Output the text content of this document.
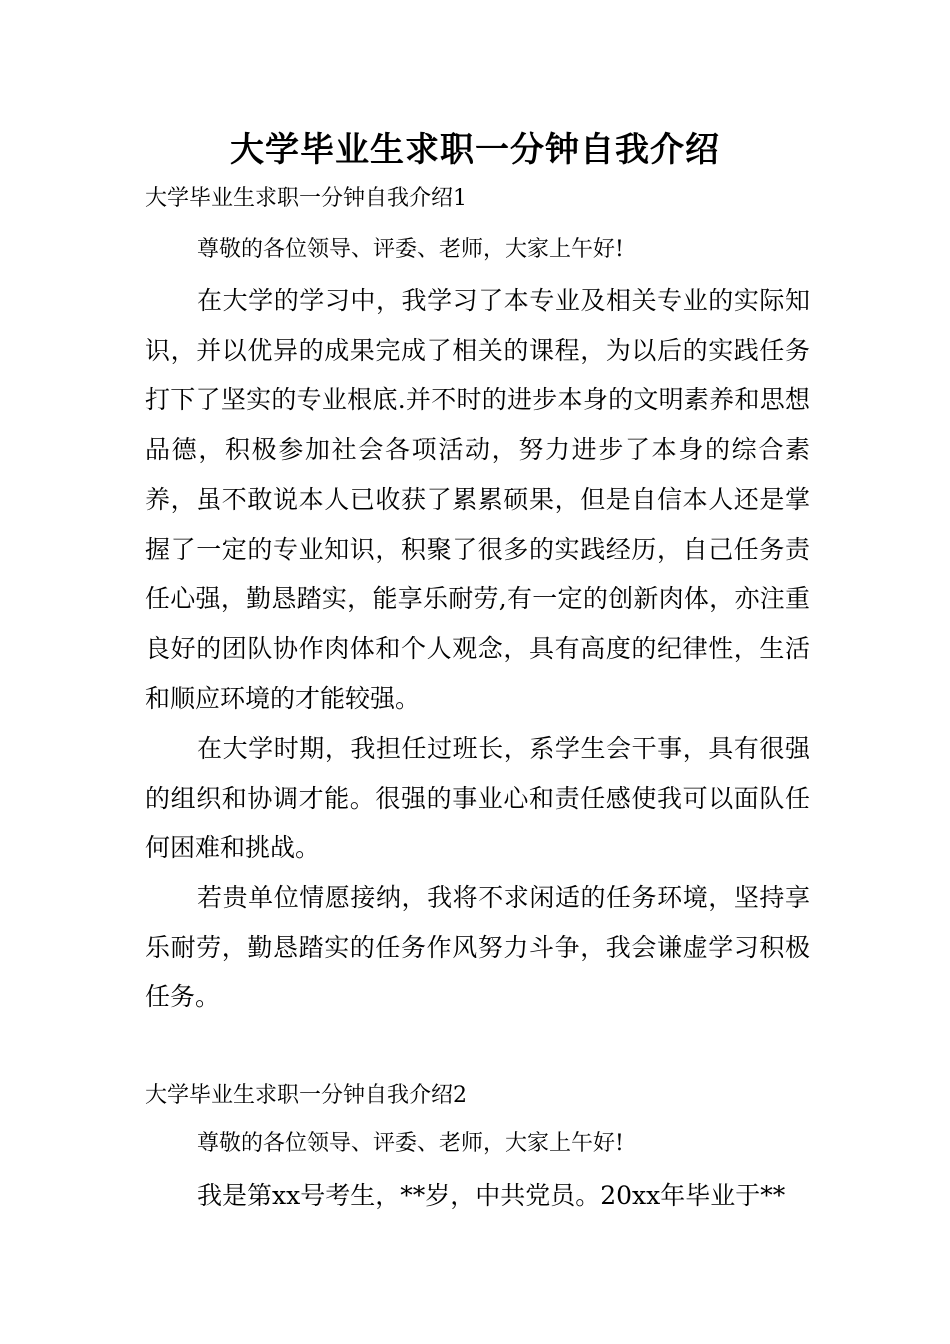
大学毕业生求职一分钟自我介绍
大学毕业生求职一分钟自我介绍1
尊敬的各位领导、评委、老师，大家上午好!
在大学的学习中，我学习了本专业及相关专业的实际知识，并以优异的成果完成了相关的课程，为以后的实践任务打下了坚实的专业根底.并不时的进步本身的文明素养和思想品德，积极参加社会各项活动，努力进步了本身的综合素养，虽不敢说本人已收获了累累硕果，但是自信本人还是掌握了一定的专业知识，积聚了很多的实践经历，自己任务责任心强，勤恳踏实，能享乐耐劳,有一定的创新肉体，亦注重良好的团队协作肉体和个人观念，具有高度的纪律性，生活和顺应环境的才能较强。
在大学时期，我担任过班长，系学生会干事，具有很强的组织和协调才能。很强的事业心和责任感使我可以面队任何困难和挑战。
若贵单位情愿接纳，我将不求闲适的任务环境，坚持享乐耐劳，勤恳踏实的任务作风努力斗争，我会谦虚学习积极任务。
大学毕业生求职一分钟自我介绍2
尊敬的各位领导、评委、老师，大家上午好!
我是第xx号考生，**岁，中共党员。20xx年毕业于**
